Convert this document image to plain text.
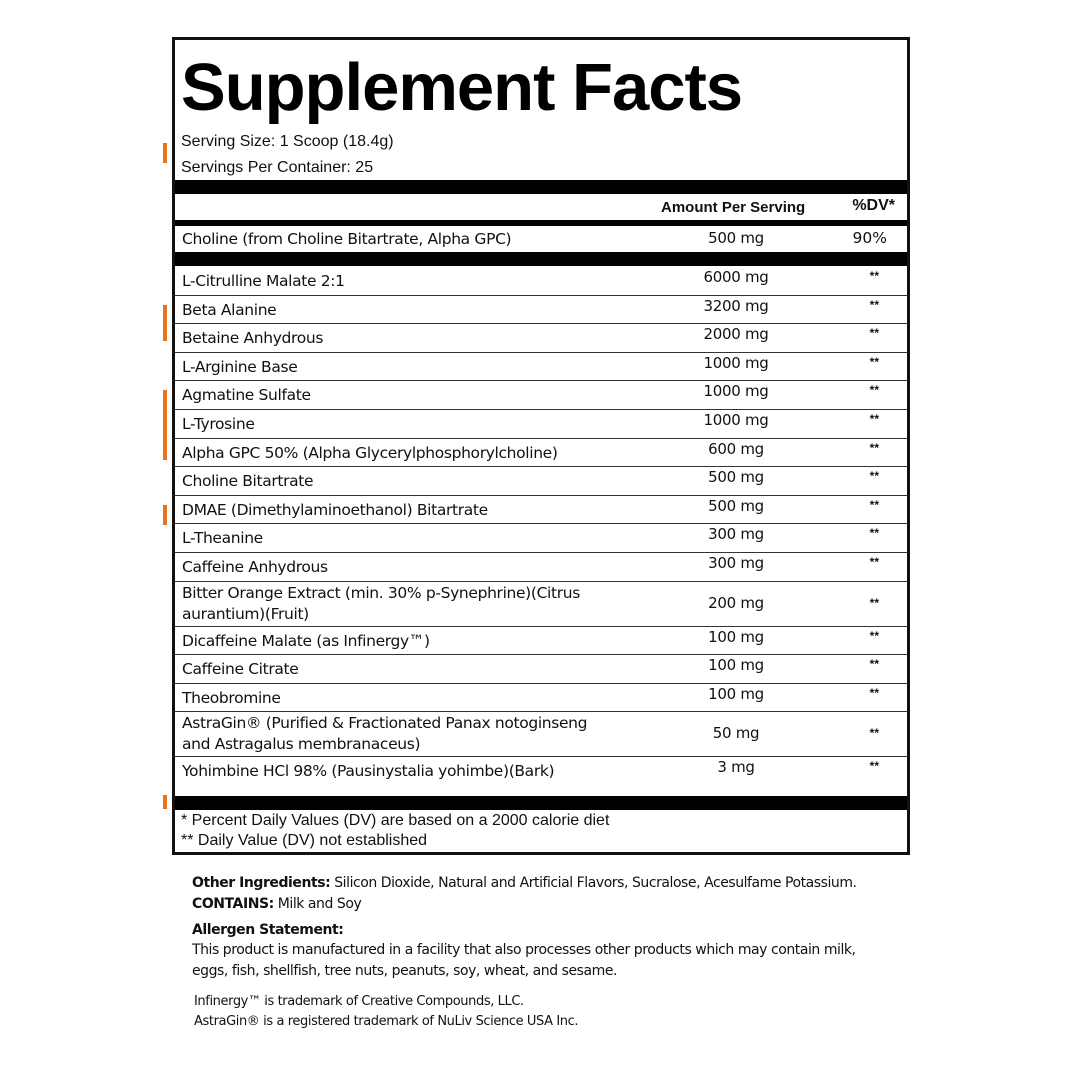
Supplement Facts
Serving Size: 1 Scoop (18.4g)
Servings Per Container: 25
Amount Per Serving	%DV*
Choline (from Choline Bitartrate, Alpha GPC)	500 mg	90%
L-Citrulline Malate 2:1	6000 mg	**
Beta Alanine	3200 mg	**
Betaine Anhydrous	2000 mg	**
L-Arginine Base	1000 mg	**
Agmatine Sulfate	1000 mg	**
L-Tyrosine	1000 mg	**
Alpha GPC 50% (Alpha Glycerylphosphorylcholine)	600 mg	**
Choline Bitartrate	500 mg	**
DMAE (Dimethylaminoethanol) Bitartrate	500 mg	**
L-Theanine	300 mg	**
Caffeine Anhydrous	300 mg	**
Bitter Orange Extract (min. 30% p-Synephrine)(Citrus
aurantium)(Fruit)
200 mg	**
Dicaffeine Malate (as Infinergy™)	100 mg	**
Caffeine Citrate	100 mg	**
Theobromine	100 mg	**
AstraGin® (Purified & Fractionated Panax notoginseng
and Astragalus membranaceus)
50 mg	**
Yohimbine HCl 98% (Pausinystalia yohimbe)(Bark)	3 mg	**
* Percent Daily Values (DV) are based on a 2000 calorie diet
** Daily Value (DV) not established
Other Ingredients: Silicon Dioxide, Natural and Artificial Flavors, Sucralose, Acesulfame Potassium.
CONTAINS: Milk and Soy
Allergen Statement:
This product is manufactured in a facility that also processes other products which may contain milk,
eggs, fish, shellfish, tree nuts, peanuts, soy, wheat, and sesame.
Infinergy™ is trademark of Creative Compounds, LLC.
AstraGin® is a registered trademark of NuLiv Science USA Inc.
